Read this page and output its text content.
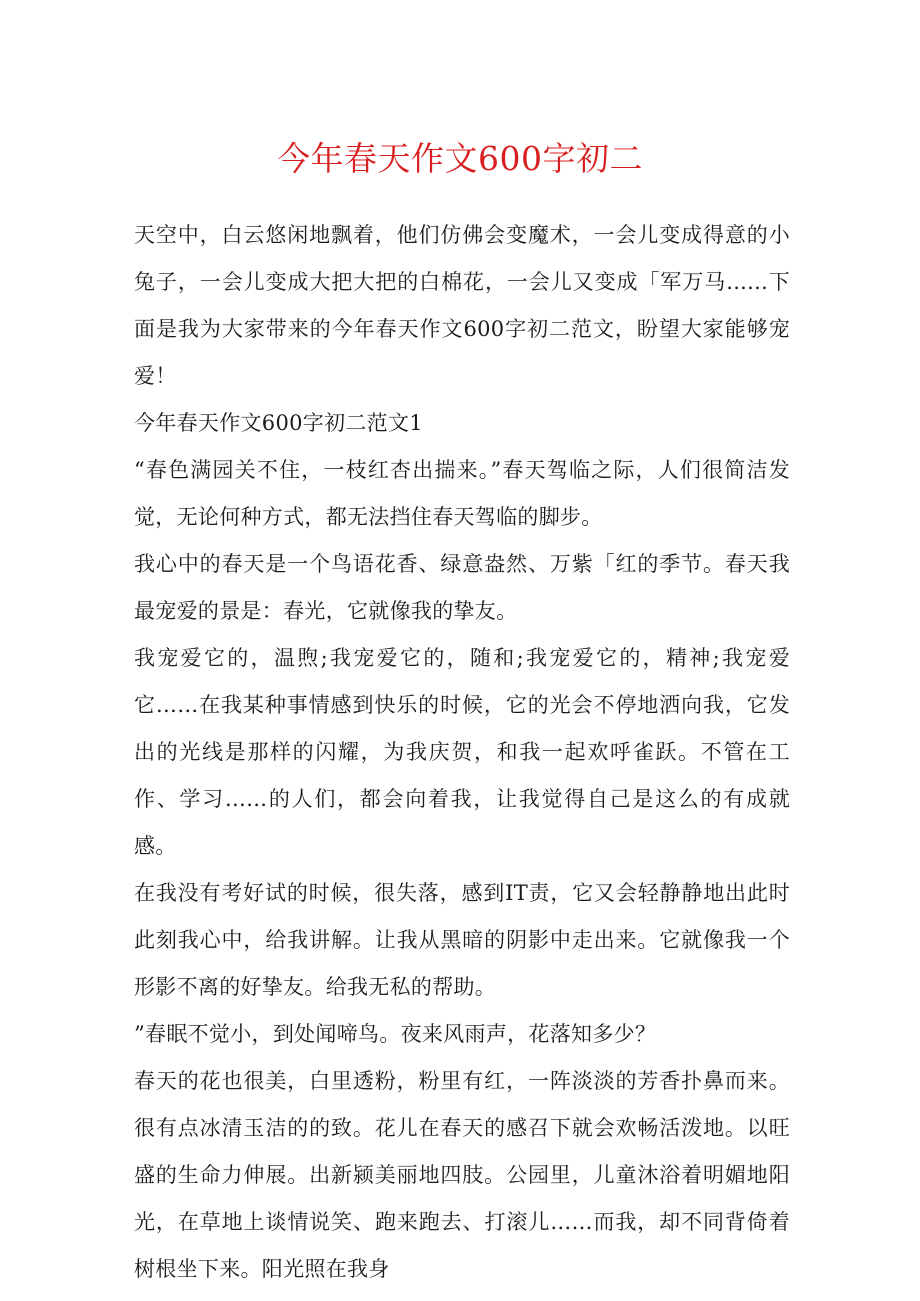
今年春天作文600字初二

天空中，白云悠闲地飘着，他们仿佛会变魔术，一会儿变成得意的小兔子，一会儿变成大把大把的白棉花，一会儿又变成「军万马......下面是我为大家带来的今年春天作文600字初二范文，盼望大家能够宠爱！

今年春天作文600字初二范文1

“春色满园关不住，一枝红杏出揣来。”春天驾临之际，人们很简洁发觉，无论何种方式，都无法挡住春天驾临的脚步。

我心中的春天是一个鸟语花香、绿意盎然、万紫「红的季节。春天我最宠爱的景是：春光，它就像我的挚友。

我宠爱它的，温煦;我宠爱它的，随和;我宠爱它的，精神;我宠爱它……在我某种事情感到快乐的时候，它的光会不停地洒向我，它发出的光线是那样的闪耀，为我庆贺，和我一起欢呼雀跃。不管在工作、学习……的人们，都会向着我，让我觉得自己是这么的有成就感。

在我没有考好试的时候，很失落，感到IT责，它又会轻静静地出此时此刻我心中，给我讲解。让我从黑暗的阴影中走出来。它就像我一个形影不离的好挚友。给我无私的帮助。

”春眠不觉小，到处闻啼鸟。夜来风雨声，花落知多少？

春天的花也很美，白里透粉，粉里有红，一阵淡淡的芳香扑鼻而来。很有点冰清玉洁的的致。花儿在春天的感召下就会欢畅活泼地。以旺盛的生命力伸展。出新颍美丽地四肢。公园里，儿童沐浴着明媚地阳光，在草地上谈情说笑、跑来跑去、打滚儿……而我，却不同背倚着树根坐下来。阳光照在我身
